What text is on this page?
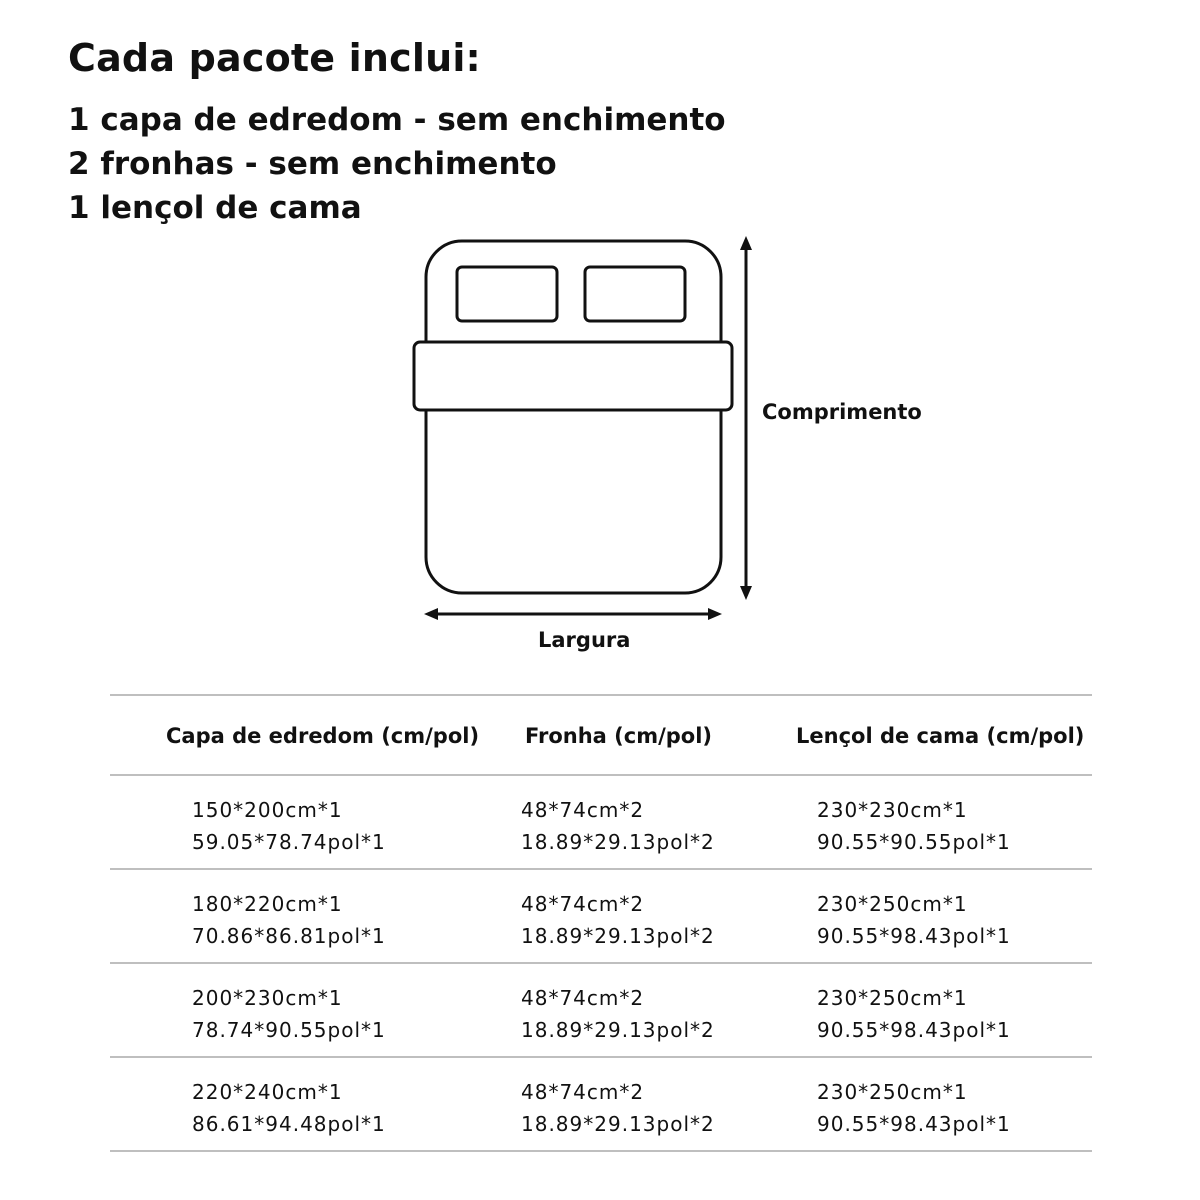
Cada pacote inclui:
1 capa de edredom - sem enchimento
2 fronhas - sem enchimento
1 lençol de cama
Comprimento
Largura
Capa de edredom (cm/pol) Fronha (cm/pol)	Lençol de cama (cm/pol)
150*200cm*1
59.05*78.74pol*1
48*74cm*2
18.89*29.13pol*2
230*230cm*1
90.55*90.55pol*1
180*220cm*1
70.86*86.81pol*1
48*74cm*2
18.89*29.13pol*2
230*250cm*1
90.55*98.43pol*1
200*230cm*1
78.74*90.55pol*1
48*74cm*2
18.89*29.13pol*2
230*250cm*1
90.55*98.43pol*1
220*240cm*1
86.61*94.48pol*1
48*74cm*2
18.89*29.13pol*2
230*250cm*1
90.55*98.43pol*1
